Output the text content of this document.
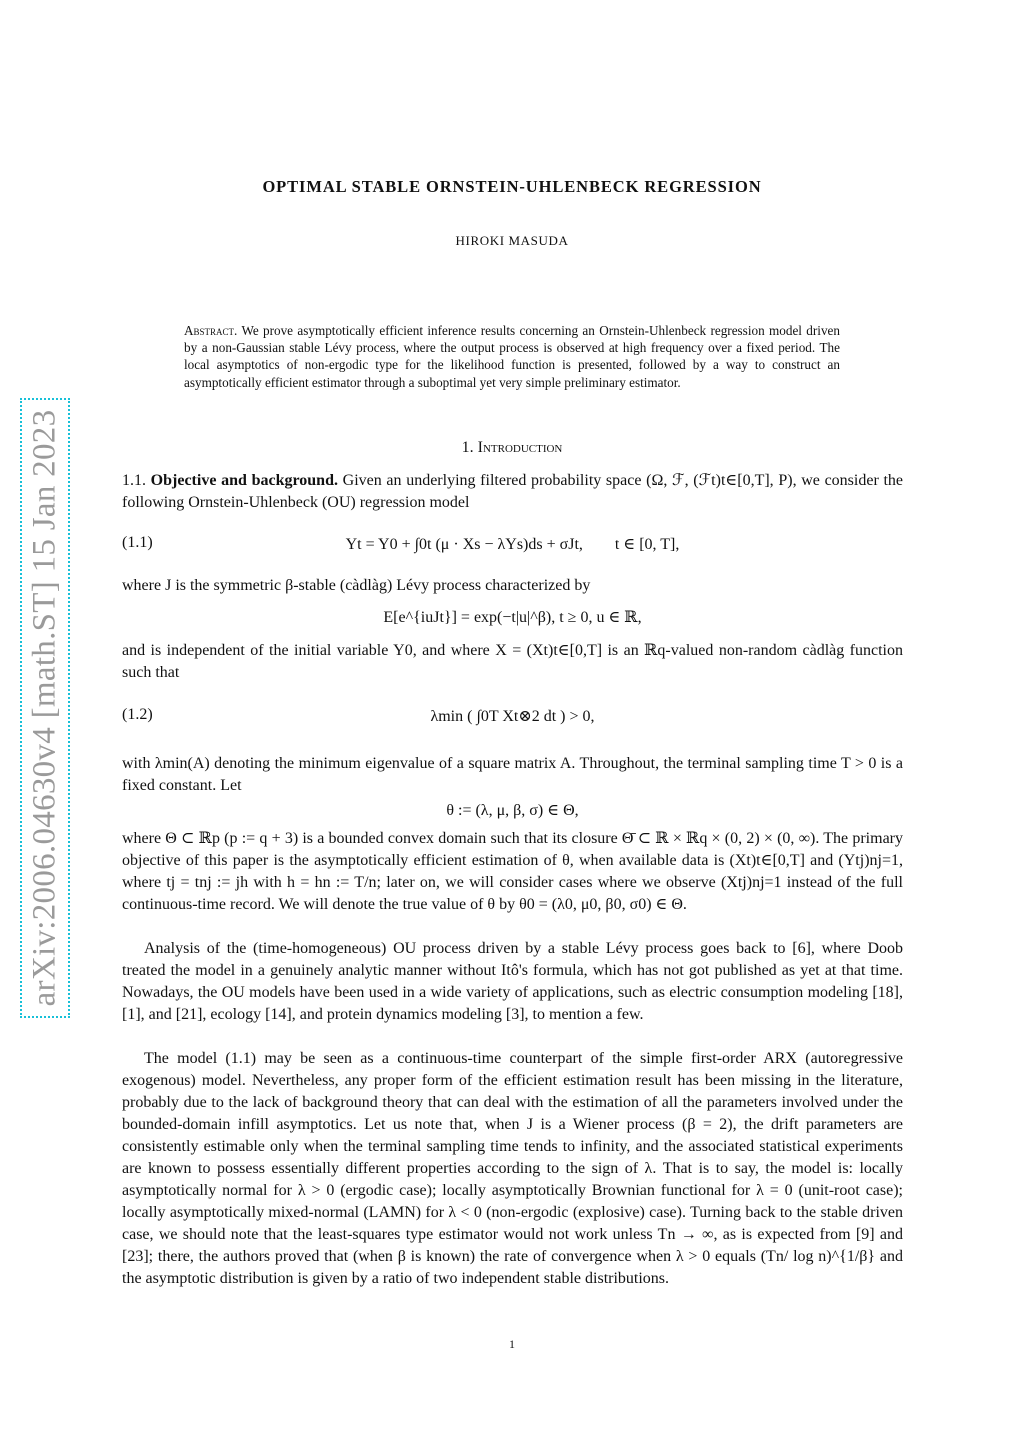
arXiv:2006.04630v4 [math.ST] 15 Jan 2023
OPTIMAL STABLE ORNSTEIN-UHLENBECK REGRESSION
HIROKI MASUDA
Abstract. We prove asymptotically efficient inference results concerning an Ornstein-Uhlenbeck regression model driven by a non-Gaussian stable Lévy process, where the output process is observed at high frequency over a fixed period. The local asymptotics of non-ergodic type for the likelihood function is presented, followed by a way to construct an asymptotically efficient estimator through a suboptimal yet very simple preliminary estimator.
1. Introduction

1.1. Objective and background. Given an underlying filtered probability space (Ω, ℱ, (ℱt)t∈[0,T], P), we consider the following Ornstein-Uhlenbeck (OU) regression model

(1.1)	Yt = Y0 + ∫0t (μ · Xs − λYs)ds + σJt, t ∈ [0, T],

where J is the symmetric β-stable (càdlàg) Lévy process characterized by

E[e^{iuJt}] = exp(−t|u|^β), t ≥ 0, u ∈ ℝ,

and is independent of the initial variable Y0, and where X = (Xt)t∈[0,T] is an ℝq-valued non-random càdlàg function such that

(1.2)	λmin ( ∫0T Xt⊗2 dt ) > 0,

with λmin(A) denoting the minimum eigenvalue of a square matrix A. Throughout, the terminal sampling time T > 0 is a fixed constant. Let

θ := (λ, μ, β, σ) ∈ Θ,

where Θ ⊂ ℝp (p := q + 3) is a bounded convex domain such that its closure Θ̄ ⊂ ℝ × ℝq × (0, 2) × (0, ∞). The primary objective of this paper is the asymptotically efficient estimation of θ, when available data is (Xt)t∈[0,T] and (Ytj)nj=1, where tj = tnj := jh with h = hn := T/n; later on, we will consider cases where we observe (Xtj)nj=1 instead of the full continuous-time record. We will denote the true value of θ by θ0 = (λ0, μ0, β0, σ0) ∈ Θ.

Analysis of the (time-homogeneous) OU process driven by a stable Lévy process goes back to [6], where Doob treated the model in a genuinely analytic manner without Itô's formula, which has not got published as yet at that time. Nowadays, the OU models have been used in a wide variety of applications, such as electric consumption modeling [18], [1], and [21], ecology [14], and protein dynamics modeling [3], to mention a few.

The model (1.1) may be seen as a continuous-time counterpart of the simple first-order ARX (autoregressive exogenous) model. Nevertheless, any proper form of the efficient estimation result has been missing in the literature, probably due to the lack of background theory that can deal with the estimation of all the parameters involved under the bounded-domain infill asymptotics. Let us note that, when J is a Wiener process (β = 2), the drift parameters are consistently estimable only when the terminal sampling time tends to infinity, and the associated statistical experiments are known to possess essentially different properties according to the sign of λ. That is to say, the model is: locally asymptotically normal for λ > 0 (ergodic case); locally asymptotically Brownian functional for λ = 0 (unit-root case); locally asymptotically mixed-normal (LAMN) for λ < 0 (non-ergodic (explosive) case). Turning back to the stable driven case, we should note that the least-squares type estimator would not work unless Tn → ∞, as is expected from [9] and [23]; there, the authors proved that (when β is known) the rate of convergence when λ > 0 equals (Tn/ log n)^{1/β} and the asymptotic distribution is given by a ratio of two independent stable distributions.

1
